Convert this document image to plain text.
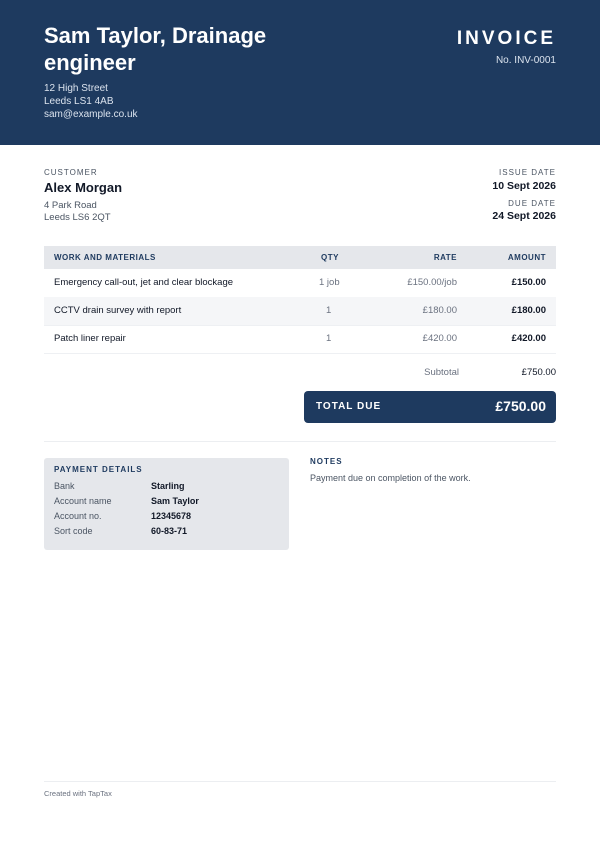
Sam Taylor, Drainage engineer
12 High Street
Leeds LS1 4AB
sam@example.co.uk
INVOICE
No. INV-0001
CUSTOMER
Alex Morgan
4 Park Road
Leeds LS6 2QT
ISSUE DATE
10 Sept 2026
DUE DATE
24 Sept 2026
WORK AND MATERIALS	QTY	RATE	AMOUNT
Emergency call-out, jet and clear blockage	1 job	£150.00/job	£150.00
CCTV drain survey with report	1	£180.00	£180.00
Patch liner repair	1	£420.00	£420.00
Subtotal	£750.00
TOTAL DUE	£750.00
PAYMENT DETAILS
Bank	Starling
Account name	Sam Taylor
Account no.	12345678
Sort code	60-83-71
NOTES
Payment due on completion of the work.
Created with TapTax
